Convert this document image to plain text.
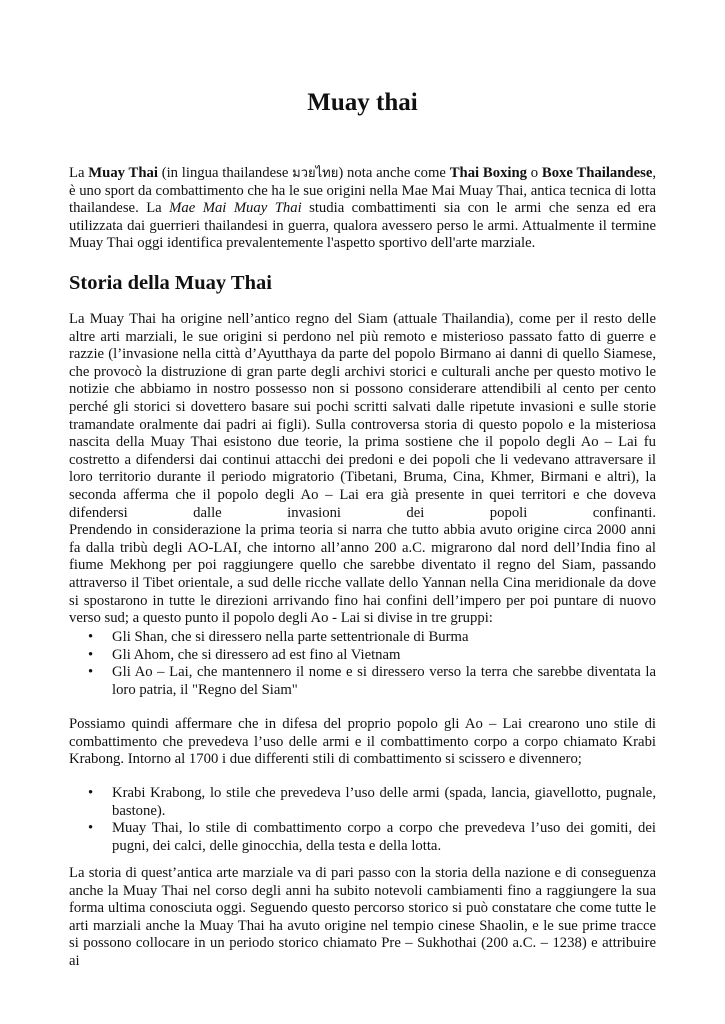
Muay thai

La Muay Thai (in lingua thailandese มวยไทย) nota anche come Thai Boxing o Boxe Thailandese, è uno sport da combattimento che ha le sue origini nella Mae Mai Muay Thai, antica tecnica di lotta thailandese. La Mae Mai Muay Thai studia combattimenti sia con le armi che senza ed era utilizzata dai guerrieri thailandesi in guerra, qualora avessero perso le armi. Attualmente il termine Muay Thai oggi identifica prevalentemente l'aspetto sportivo dell'arte marziale.

Storia della Muay Thai

La Muay Thai ha origine nell’antico regno del Siam (attuale Thailandia), come per il resto delle altre arti marziali, le sue origini si perdono nel più remoto e misterioso passato fatto di guerre e razzie (l’invasione nella città d’Ayutthaya da parte del popolo Birmano ai danni di quello Siamese, che provocò la distruzione di gran parte degli archivi storici e culturali anche per questo motivo le notizie che abbiamo in nostro possesso non si possono considerare attendibili al cento per cento perché gli storici si dovettero basare sui pochi scritti salvati dalle ripetute invasioni e sulle storie tramandate oralmente dai padri ai figli). Sulla controversa storia di questo popolo e la misteriosa nascita della Muay Thai esistono due teorie, la prima sostiene che il popolo degli Ao – Lai fu costretto a difendersi dai continui attacchi dei predoni e dei popoli che li vedevano attraversare il loro territorio durante il periodo migratorio (Tibetani, Bruma, Cina, Khmer, Birmani e altri), la seconda afferma che il popolo degli Ao – Lai era già presente in quei territori e che doveva difendersi dalle invasioni dei popoli confinanti.

Prendendo in considerazione la prima teoria si narra che tutto abbia avuto origine circa 2000 anni fa dalla tribù degli AO-LAI, che intorno all’anno 200 a.C. migrarono dal nord dell’India fino al fiume Mekhong per poi raggiungere quello che sarebbe diventato il regno del Siam, passando attraverso il Tibet orientale, a sud delle ricche vallate dello Yannan nella Cina meridionale da dove si spostarono in tutte le direzioni arrivando fino hai confini dell’impero per poi puntare di nuovo verso sud; a questo punto il popolo degli Ao - Lai si divise in tre gruppi:

• Gli Shan, che si diressero nella parte settentrionale di Burma
• Gli Ahom, che si diressero ad est fino al Vietnam
• Gli Ao – Lai, che mantennero il nome e si diressero verso la terra che sarebbe diventata la loro patria, il "Regno del Siam"

Possiamo quindi affermare che in difesa del proprio popolo gli Ao – Lai crearono uno stile di combattimento che prevedeva l’uso delle armi e il combattimento corpo a corpo chiamato Krabi Krabong. Intorno al 1700 i due differenti stili di combattimento si scissero e divennero;

• Krabi Krabong, lo stile che prevedeva l’uso delle armi (spada, lancia, giavellotto, pugnale, bastone).
• Muay Thai, lo stile di combattimento corpo a corpo che prevedeva l’uso dei gomiti, dei pugni, dei calci, delle ginocchia, della testa e della lotta.

La storia di quest’antica arte marziale va di pari passo con la storia della nazione e di conseguenza anche la Muay Thai nel corso degli anni ha subito notevoli cambiamenti fino a raggiungere la sua forma ultima conosciuta oggi. Seguendo questo percorso storico si può constatare che come tutte le arti marziali anche la Muay Thai ha avuto origine nel tempio cinese Shaolin, e le sue prime tracce si possono collocare in un periodo storico chiamato Pre – Sukhothai (200 a.C. – 1238) e attribuire ai
